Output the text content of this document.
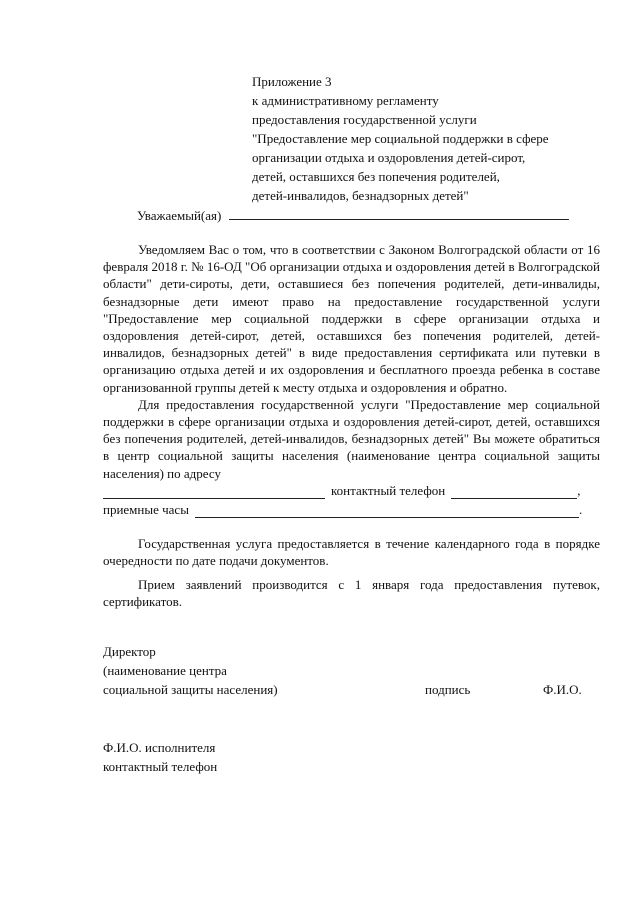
Приложение 3
к административному регламенту
предоставления государственной услуги
"Предоставление мер социальной поддержки в сфере
организации отдыха и оздоровления детей-сирот,
детей, оставшихся без попечения родителей,
детей-инвалидов, безнадзорных детей"
Уважаемый(ая)

Уведомляем Вас о том, что в соответствии с Законом Волгоградской области от 16 февраля 2018 г. № 16-ОД "Об организации отдыха и оздоровления детей в Волгоградской области" дети-сироты, дети, оставшиеся без попечения родителей, дети-инвалиды, безнадзорные дети имеют право на предоставление государственной услуги "Предоставление мер социальной поддержки в сфере организации отдыха и оздоровления детей-сирот, детей, оставшихся без попечения родителей, детей-инвалидов, безнадзорных детей" в виде предоставления сертификата или путевки в организацию отдыха детей и их оздоровления и бесплатного проезда ребенка в составе организованной группы детей к месту отдыха и оздоровления и обратно.

Для предоставления государственной услуги "Предоставление мер социальной поддержки в сфере организации отдыха и оздоровления детей-сирот, детей, оставшихся без попечения родителей, детей-инвалидов, безнадзорных детей" Вы можете обратиться в центр социальной защиты населения (наименование центра социальной защиты населения) по адресу

контактный телефон	,
приемные часы	.

Государственная услуга предоставляется в течение календарного года в порядке очередности по дате подачи документов.

Прием заявлений производится с 1 января года предоставления путевок, сертификатов.

Директор
(наименование центра
социальной защиты населения)	подпись	Ф.И.О.
Ф.И.О. исполнителя
контактный телефон
